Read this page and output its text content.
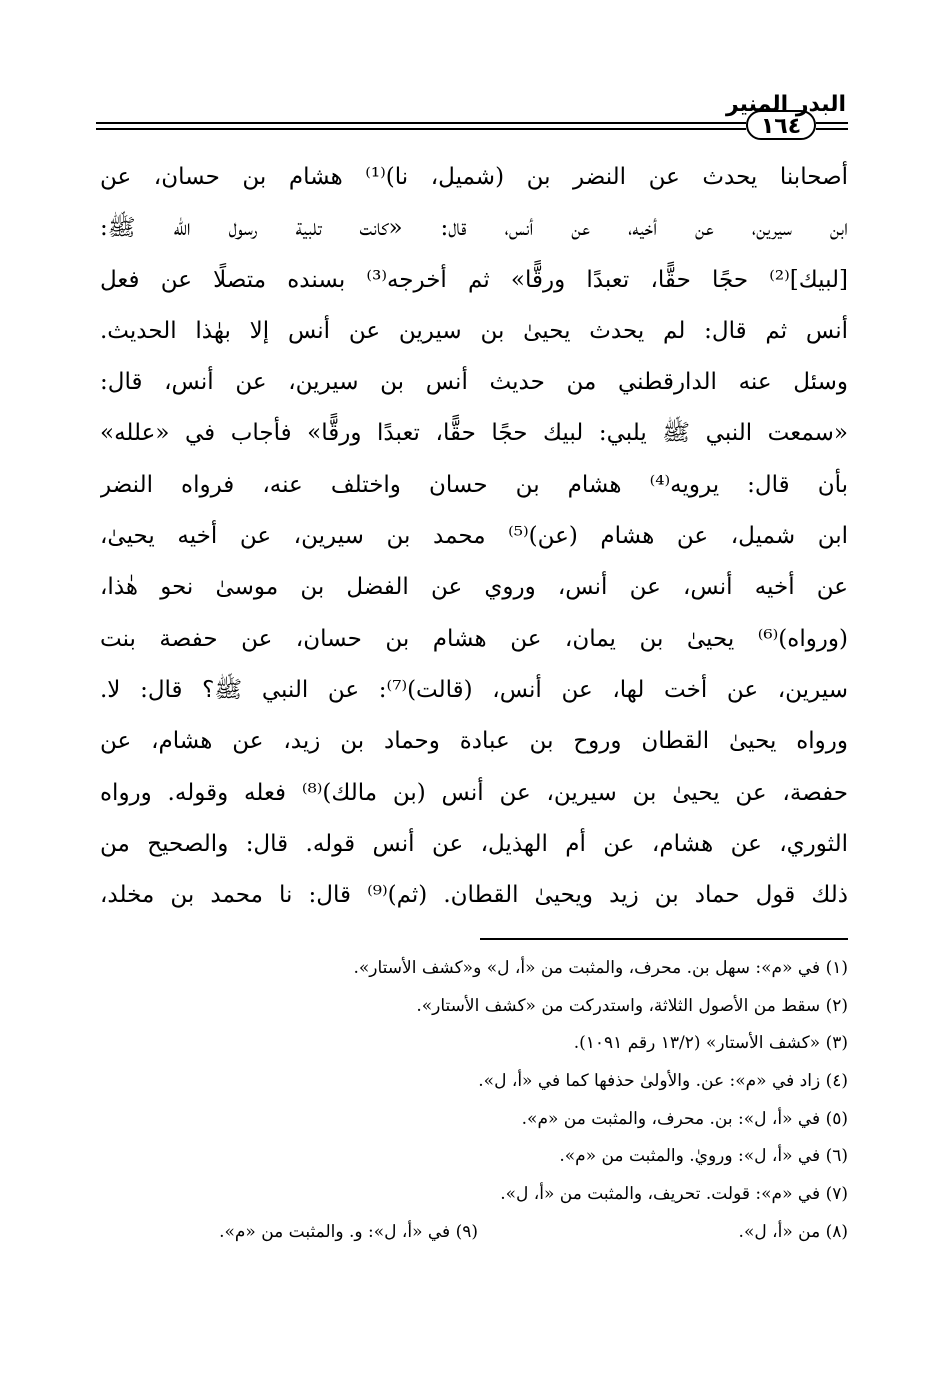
١٦٤
البدر المنير
أصحابنا يحدث عن النضر بن (شميل، نا)⁽¹⁾ هشام بن حسان، عن
ابن سيرين، عن أخيه، عن أنس، قال: «كانت تلبية رسول الله ﷺ:
[لبيك]⁽²⁾ حجًا حقًّا، تعبدًا ورقًّا» ثم أخرجه⁽³⁾ بسنده متصلًا عن فعل
أنس ثم قال: لم يحدث يحيىٰ بن سيرين عن أنس إلا بهٰذا الحديث.
وسئل عنه الدارقطني من حديث أنس بن سيرين، عن أنس، قال:
«سمعت النبي ﷺ يلبي: لبيك حجًا حقًّا، تعبدًا ورقًّا» فأجاب في «علله»
بأن قال: يرويه⁽⁴⁾ هشام بن حسان واختلف عنه، فرواه النضر
ابن شميل، عن هشام (عن)⁽⁵⁾ محمد بن سيرين، عن أخيه يحيىٰ،
عن أخيه أنس، عن أنس، وروي عن الفضل بن موسىٰ نحو هٰذا،
(ورواه)⁽⁶⁾ يحيىٰ بن يمان، عن هشام بن حسان، عن حفصة بنت
سيرين، عن أخت لها، عن أنس، (قالت)⁽⁷⁾: عن النبي ﷺ؟ قال: لا.
ورواه يحيىٰ القطان وروح بن عبادة وحماد بن زيد، عن هشام، عن
حفصة، عن يحيىٰ بن سيرين، عن أنس (بن مالك)⁽⁸⁾ فعله وقوله. ورواه
الثوري، عن هشام، عن أم الهذيل، عن أنس قوله. قال: والصحيح من
ذلك قول حماد بن زيد ويحيىٰ القطان. (ثم)⁽⁹⁾ قال: نا محمد بن مخلد،
(١) في «م»: سهل بن. محرف، والمثبت من «أ، ل» و«كشف الأستار».
(٢) سقط من الأصول الثلاثة، واستدركت من «كشف الأستار».
(٣) «كشف الأستار» (١٣/٢ رقم ١٠٩١).
(٤) زاد في «م»: عن. والأولىٰ حذفها كما في «أ، ل».
(٥) في «أ، ل»: بن. محرف، والمثبت من «م».
(٦) في «أ، ل»: ورويٰ. والمثبت من «م».
(٧) في «م»: قولت. تحريف، والمثبت من «أ، ل».
(٨) من «أ، ل».
(٩) في «أ، ل»: و. والمثبت من «م».
